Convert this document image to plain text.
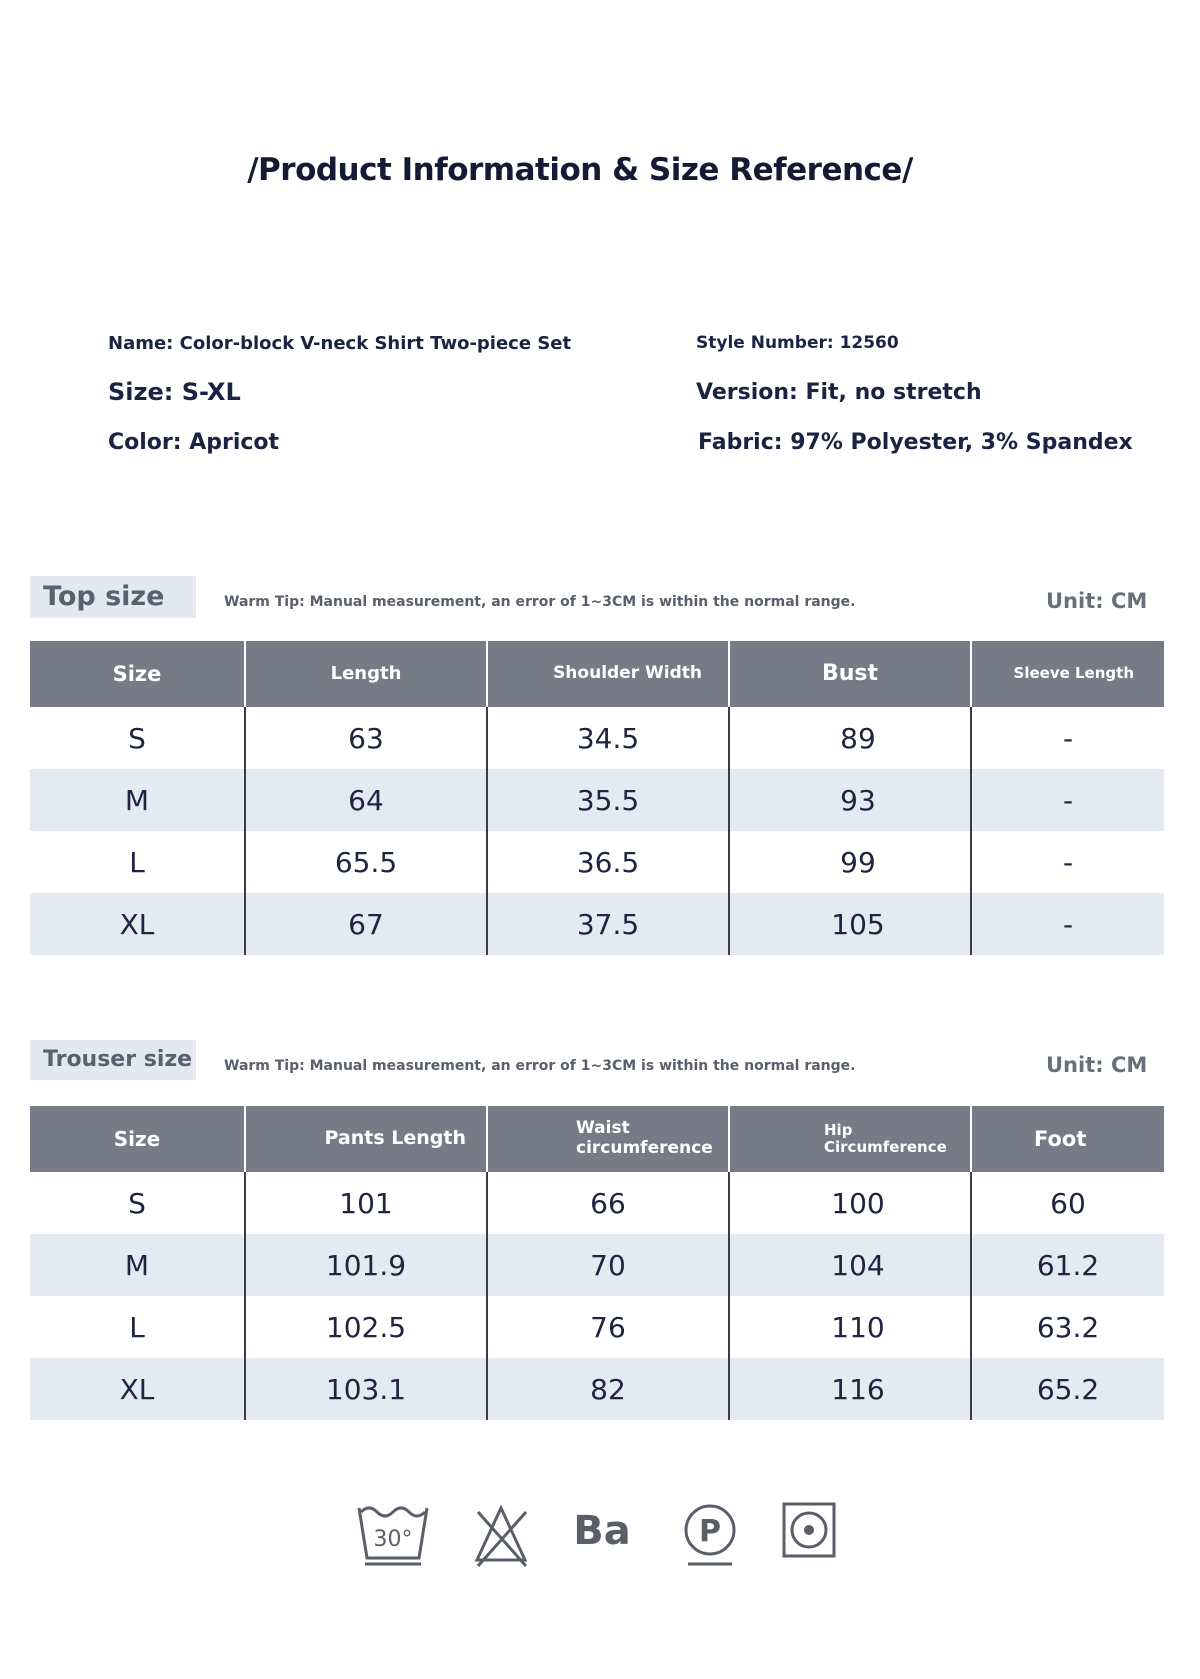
/Product Information & Size Reference/
Name: Color-block V-neck Shirt Two-piece Set	Style Number: 12560
Size: S-XL	Version: Fit, no stretch
Color: Apricot	Fabric: 97% Polyester, 3% Spandex
Top size	Warm Tip: Manual measurement, an error of 1~3CM is within the normal range.	Unit: CM
Size	Length	Shoulder Width	Bust	Sleeve Length
S	63	34.5	89	-
M	64	35.5	93	-
L	65.5	36.5	99	-
XL	67	37.5	105	-
Trouser size Warm Tip: Manual measurement, an error of 1~3CM is within the normal range.	Unit: CM
Size	Pants Length	Waist circumference	Hip Circumference	Foot
S	101	66	100	60
M	101.9	70	104	61.2
L	102.5	76	110	63.2
XL	103.1	82	116	65.2
30°	Ba P
